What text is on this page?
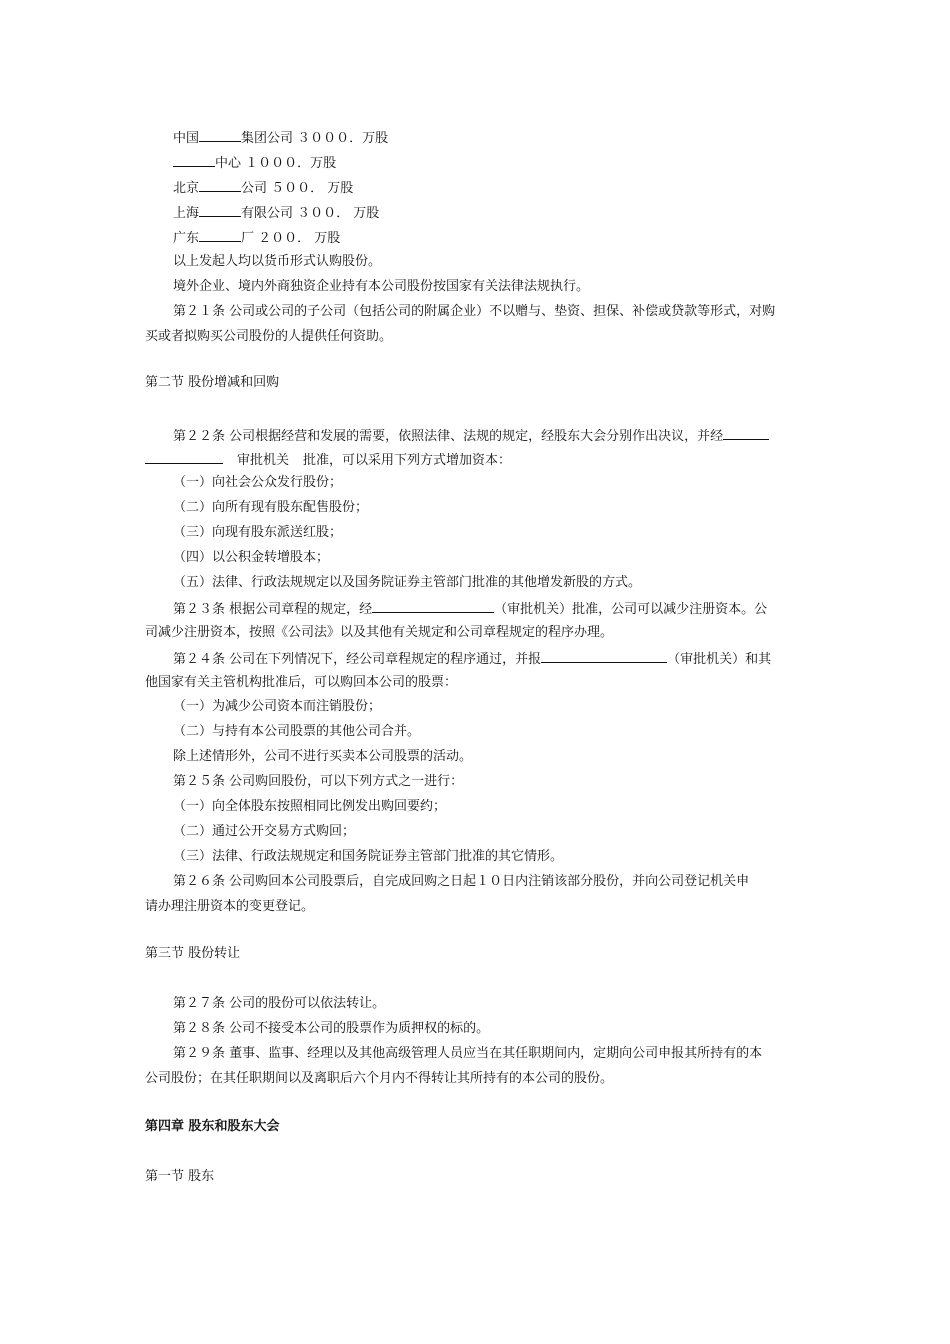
中国	集团公司 ３０００．万股
中心 １０００．万股
北京	公司 ５００． 万股
上海	有限公司 ３００． 万股
广东	厂 ２００． 万股
以上发起人均以货币形式认购股份。
境外企业、境内外商独资企业持有本公司股份按国家有关法律法规执行。
第２１条 公司或公司的子公司（包括公司的附属企业）不以赠与、垫资、担保、补偿或贷款等形式，对购
买或者拟购买公司股份的人提供任何资助。
第二节 股份增减和回购
第２２条 公司根据经营和发展的需要，依照法律、法规的规定，经股东大会分别作出决议，并经
审批机关 批准，可以采用下列方式增加资本：
（一）向社会公众发行股份；
（二）向所有现有股东配售股份；
（三）向现有股东派送红股；
（四）以公积金转增股本；
（五）法律、行政法规规定以及国务院证券主管部门批准的其他增发新股的方式。
第２３条 根据公司章程的规定，经	（审批机关）批准，公司可以减少注册资本。公
司减少注册资本，按照《公司法》以及其他有关规定和公司章程规定的程序办理。
第２４条 公司在下列情况下，经公司章程规定的程序通过，并报	（审批机关）和其
他国家有关主管机构批准后，可以购回本公司的股票：
（一）为减少公司资本而注销股份；
（二）与持有本公司股票的其他公司合并。
除上述情形外，公司不进行买卖本公司股票的活动。
第２５条 公司购回股份，可以下列方式之一进行：
（一）向全体股东按照相同比例发出购回要约；
（二）通过公开交易方式购回；
（三）法律、行政法规规定和国务院证券主管部门批准的其它情形。
第２６条 公司购回本公司股票后，自完成回购之日起１０日内注销该部分股份，并向公司登记机关申
请办理注册资本的变更登记。
第三节 股份转让
第２７条 公司的股份可以依法转让。
第２８条 公司不接受本公司的股票作为质押权的标的。
第２９条 董事、监事、经理以及其他高级管理人员应当在其任职期间内，定期向公司申报其所持有的本
公司股份；在其任职期间以及离职后六个月内不得转让其所持有的本公司的股份。
第四章 股东和股东大会
第一节 股东
